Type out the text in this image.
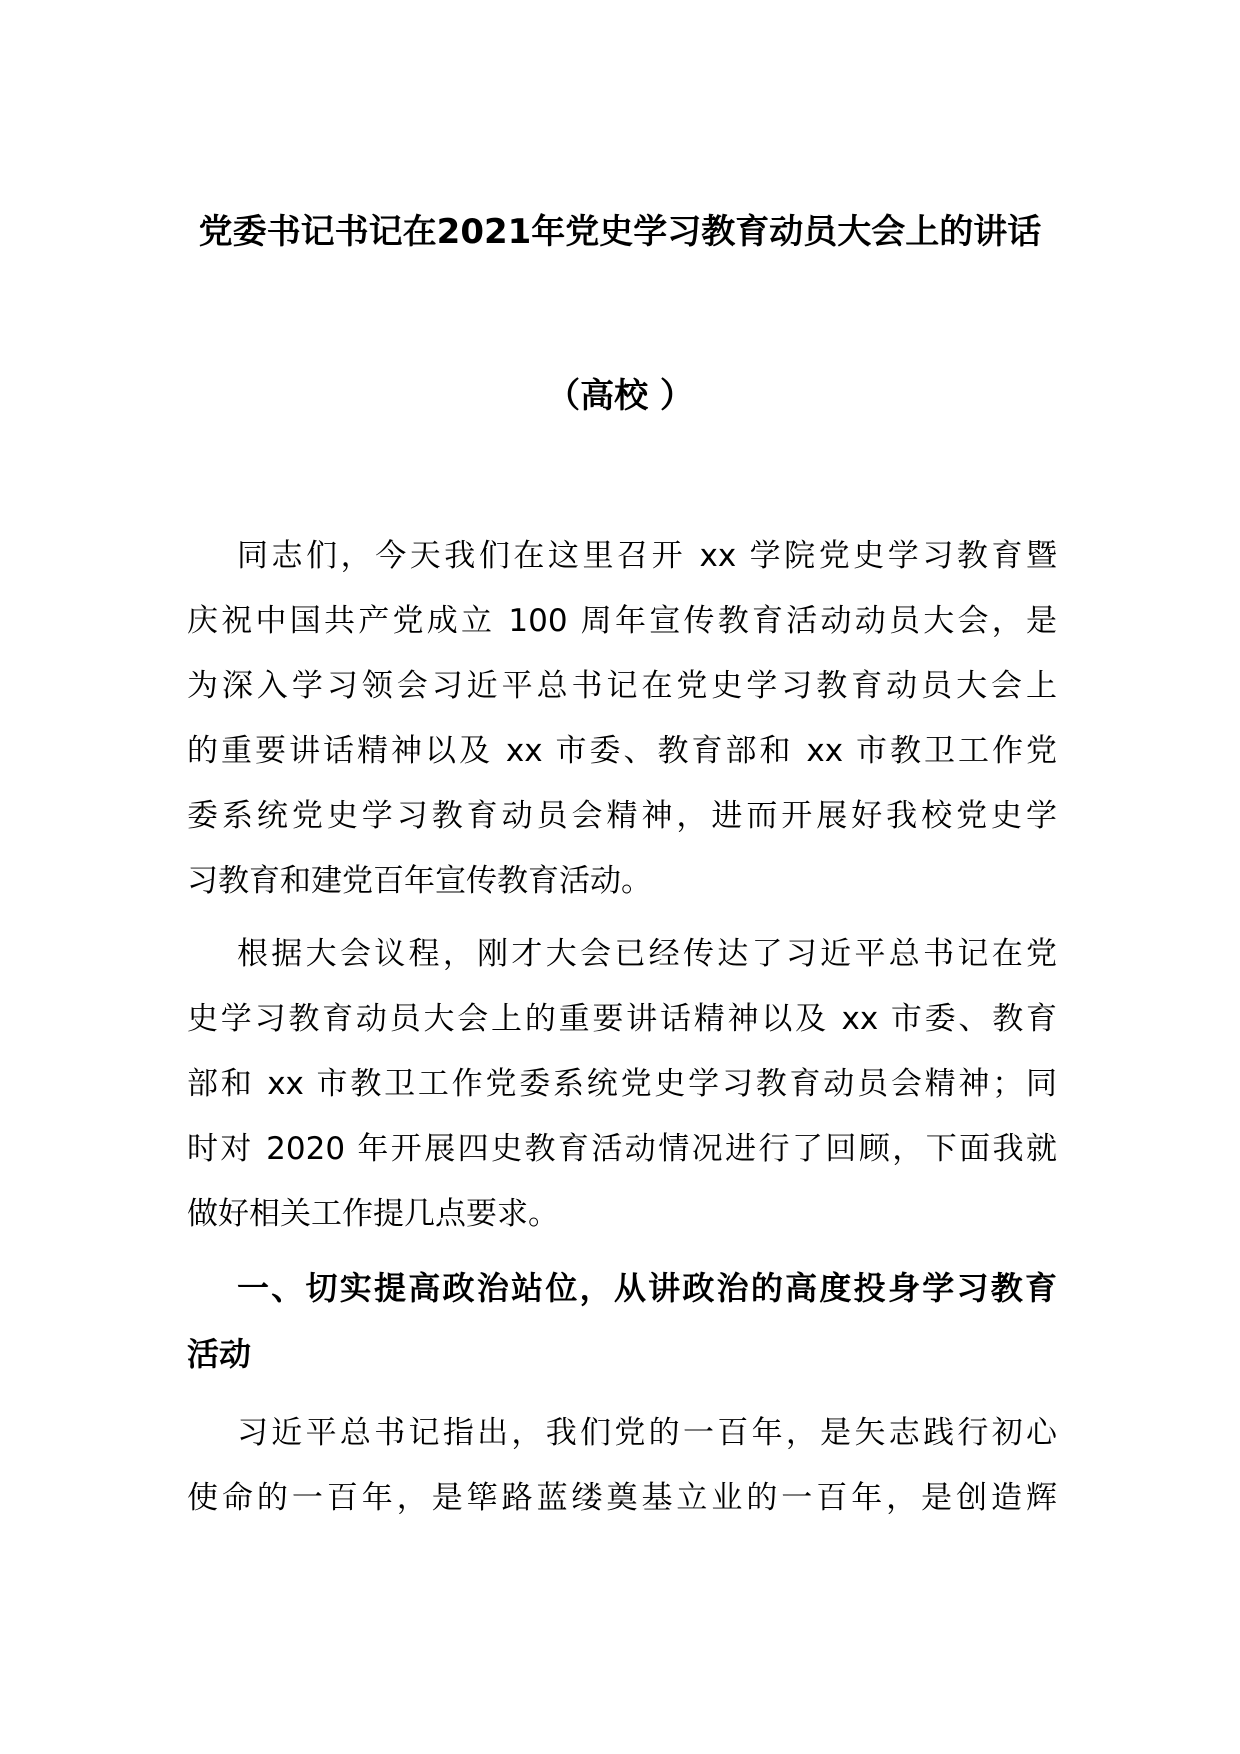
党委书记书记在2021年党史学习教育动员大会上的讲话
（高校 ）
同志们，今天我们在这里召开 xx 学院党史学习教育暨
庆祝中国共产党成立 100 周年宣传教育活动动员大会，是
为深入学习领会习近平总书记在党史学习教育动员大会上
的重要讲话精神以及 xx 市委、教育部和 xx 市教卫工作党
委系统党史学习教育动员会精神，进而开展好我校党史学
习教育和建党百年宣传教育活动。
根据大会议程，刚才大会已经传达了习近平总书记在党
史学习教育动员大会上的重要讲话精神以及 xx 市委、教育
部和 xx 市教卫工作党委系统党史学习教育动员会精神；同
时对 2020 年开展四史教育活动情况进行了回顾，下面我就
做好相关工作提几点要求。
一、切实提高政治站位，从讲政治的高度投身学习教育
活动
习近平总书记指出，我们党的一百年，是矢志践行初心
使命的一百年，是筚路蓝缕奠基立业的一百年，是创造辉
